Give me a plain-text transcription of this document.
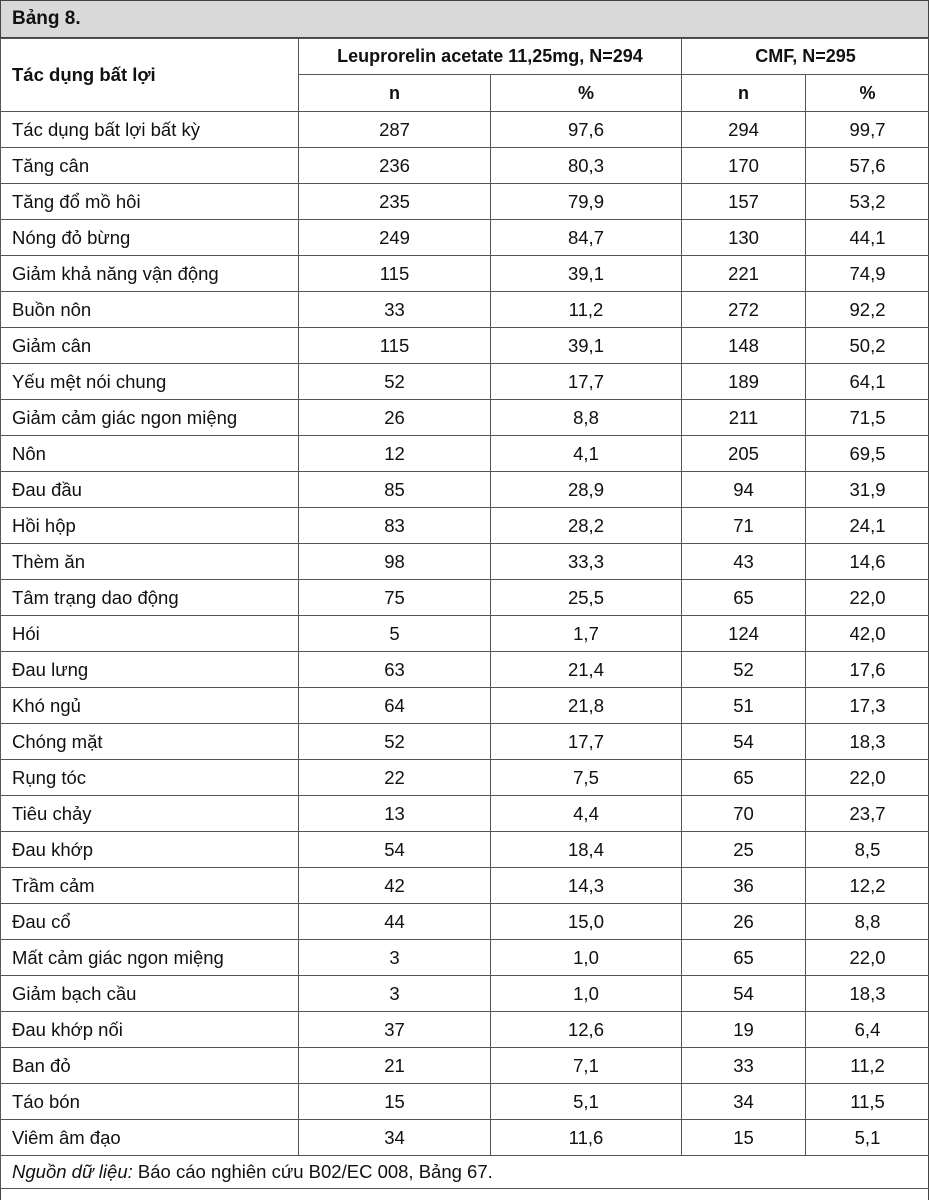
Bảng 8.
Tác dụng bất lợi	Leuprorelin acetate 11,25mg, N=294		CMF, N=295	
	n	%	n	%
Tác dụng bất lợi bất kỳ	287	97,6	294	99,7
Tăng cân	236	80,3	170	57,6
Tăng đổ mồ hôi	235	79,9	157	53,2
Nóng đỏ bừng	249	84,7	130	44,1
Giảm khả năng vận động	115	39,1	221	74,9
Buồn nôn	33	11,2	272	92,2
Giảm cân	115	39,1	148	50,2
Yếu mệt nói chung	52	17,7	189	64,1
Giảm cảm giác ngon miệng	26	8,8	211	71,5
Nôn	12	4,1	205	69,5
Đau đầu	85	28,9	94	31,9
Hồi hộp	83	28,2	71	24,1
Thèm ăn	98	33,3	43	14,6
Tâm trạng dao động	75	25,5	65	22,0
Hói	5	1,7	124	42,0
Đau lưng	63	21,4	52	17,6
Khó ngủ	64	21,8	51	17,3
Chóng mặt	52	17,7	54	18,3
Rụng tóc	22	7,5	65	22,0
Tiêu chảy	13	4,4	70	23,7
Đau khớp	54	18,4	25	8,5
Trầm cảm	42	14,3	36	12,2
Đau cổ	44	15,0	26	8,8
Mất cảm giác ngon miệng	3	1,0	65	22,0
Giảm bạch cầu	3	1,0	54	18,3
Đau khớp nối	37	12,6	19	6,4
Ban đỏ	21	7,1	33	11,2
Táo bón	15	5,1	34	11,5
Viêm âm đạo	34	11,6	15	5,1
Nguồn dữ liệu: Báo cáo nghiên cứu B02/EC 008, Bảng 67.				
